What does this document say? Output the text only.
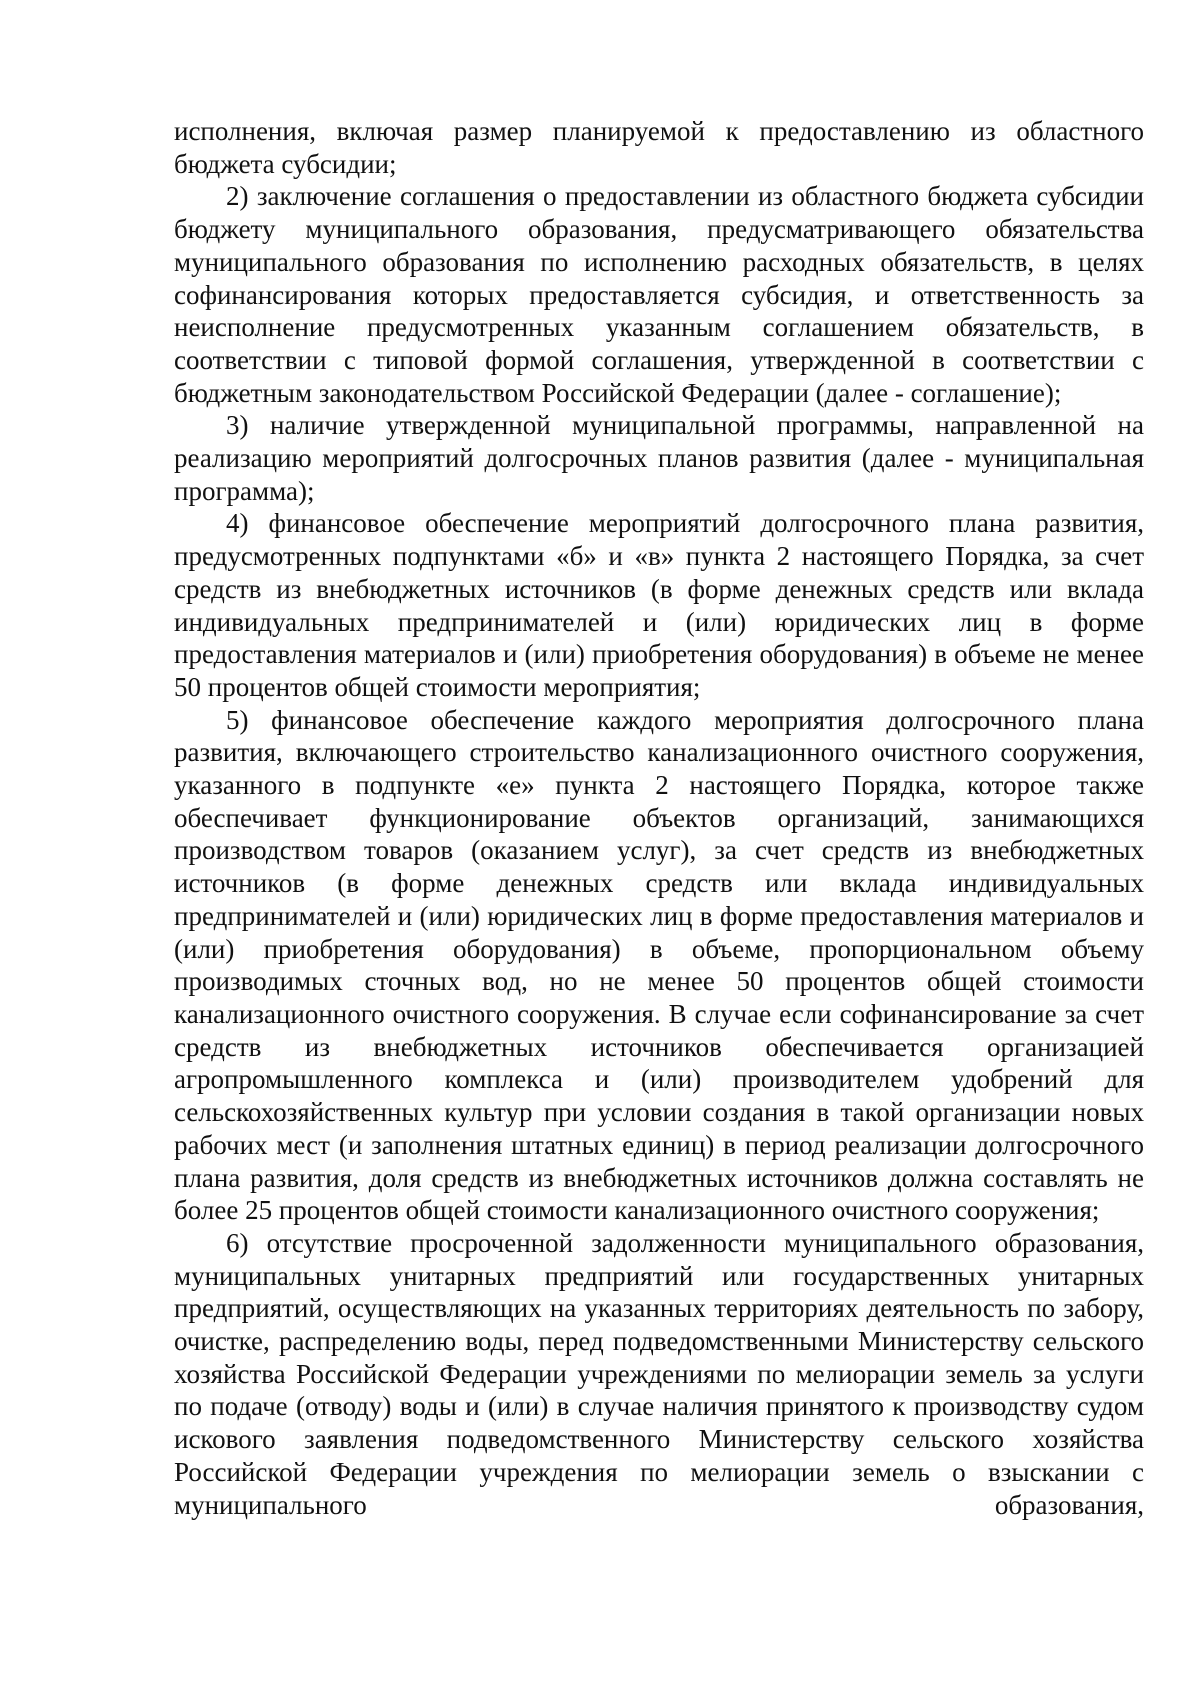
исполнения, включая размер планируемой к предоставлению из областного бюджета субсидии;

2) заключение соглашения о предоставлении из областного бюджета субсидии бюджету муниципального образования, предусматривающего обязательства муниципального образования по исполнению расходных обязательств, в целях софинансирования которых предоставляется субсидия, и ответственность за неисполнение предусмотренных указанным соглашением обязательств, в соответствии с типовой формой соглашения, утвержденной в соответствии с бюджетным законодательством Российской Федерации (далее - соглашение);

3) наличие утвержденной муниципальной программы, направленной на реализацию мероприятий долгосрочных планов развития (далее - муниципальная программа);

4) финансовое обеспечение мероприятий долгосрочного плана развития, предусмотренных подпунктами «б» и «в» пункта 2 настоящего Порядка, за счет средств из внебюджетных источников (в форме денежных средств или вклада индивидуальных предпринимателей и (или) юридических лиц в форме предоставления материалов и (или) приобретения оборудования) в объеме не менее 50 процентов общей стоимости мероприятия;

5) финансовое обеспечение каждого мероприятия долгосрочного плана развития, включающего строительство канализационного очистного сооружения, указанного в подпункте «е» пункта 2 настоящего Порядка, которое также обеспечивает функционирование объектов организаций, занимающихся производством товаров (оказанием услуг), за счет средств из внебюджетных источников (в форме денежных средств или вклада индивидуальных предпринимателей и (или) юридических лиц в форме предоставления материалов и (или) приобретения оборудования) в объеме, пропорциональном объему производимых сточных вод, но не менее 50 процентов общей стоимости канализационного очистного сооружения. В случае если софинансирование за счет средств из внебюджетных источников обеспечивается организацией агропромышленного комплекса и (или) производителем удобрений для сельскохозяйственных культур при условии создания в такой организации новых рабочих мест (и заполнения штатных единиц) в период реализации долгосрочного плана развития, доля средств из внебюджетных источников должна составлять не более 25 процентов общей стоимости канализационного очистного сооружения;

6) отсутствие просроченной задолженности муниципального образования, муниципальных унитарных предприятий или государственных унитарных предприятий, осуществляющих на указанных территориях деятельность по забору, очистке, распределению воды, перед подведомственными Министерству сельского хозяйства Российской Федерации учреждениями по мелиорации земель за услуги по подаче (отводу) воды и (или) в случае наличия принятого к производству судом искового заявления подведомственного Министерству сельского хозяйства Российской Федерации учреждения по мелиорации земель о взыскании с муниципального образования,
